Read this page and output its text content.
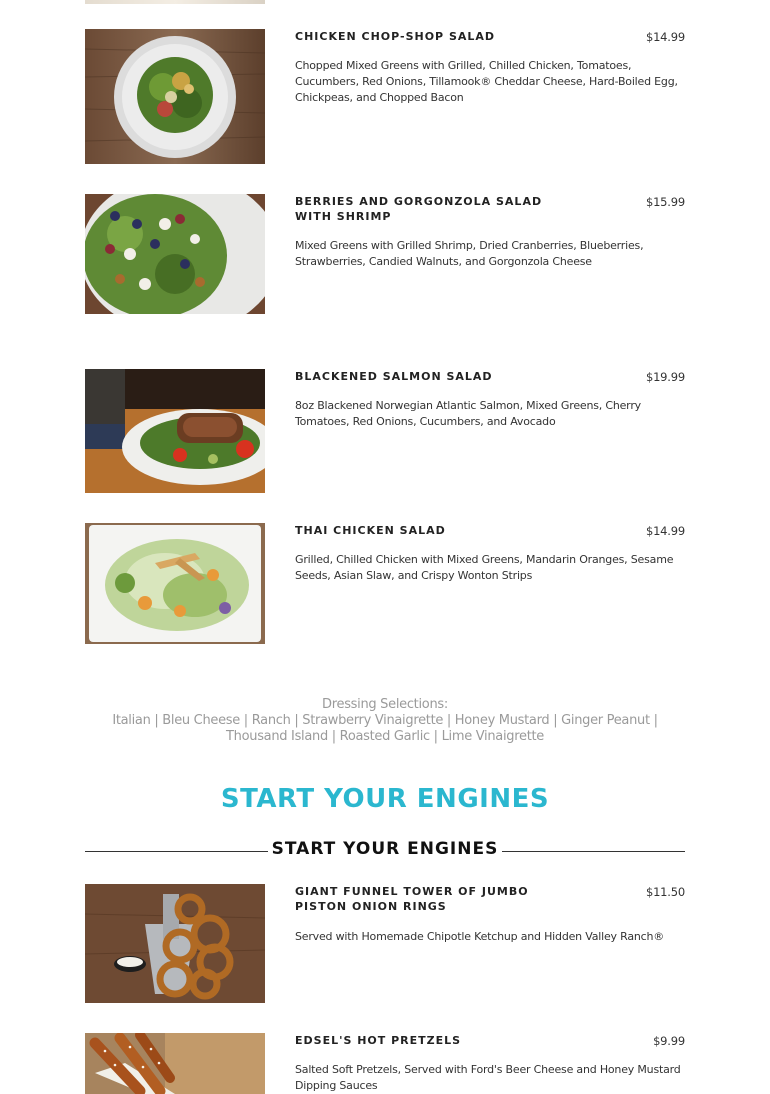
CHICKEN CHOP-SHOP SALAD	$14.99
Chopped Mixed Greens with Grilled, Chilled Chicken, Tomatoes, Cucumbers, Red Onions, Tillamook® Cheddar Cheese, Hard-Boiled Egg, Chickpeas, and Chopped Bacon
BERRIES AND GORGONZOLA SALAD WITH SHRIMP
$15.99
Mixed Greens with Grilled Shrimp, Dried Cranberries, Blueberries, Strawberries, Candied Walnuts, and Gorgonzola Cheese
BLACKENED SALMON SALAD	$19.99
8oz Blackened Norwegian Atlantic Salmon, Mixed Greens, Cherry Tomatoes, Red Onions, Cucumbers, and Avocado
THAI CHICKEN SALAD	$14.99
Grilled, Chilled Chicken with Mixed Greens, Mandarin Oranges, Sesame Seeds, Asian Slaw, and Crispy Wonton Strips
Dressing Selections:
Italian | Bleu Cheese | Ranch | Strawberry Vinaigrette | Honey Mustard | Ginger Peanut |
Thousand Island | Roasted Garlic | Lime Vinaigrette
START YOUR ENGINES
START YOUR ENGINES
GIANT FUNNEL TOWER OF JUMBO PISTON ONION RINGS
$11.50
Served with Homemade Chipotle Ketchup and Hidden Valley Ranch®
EDSEL'S HOT PRETZELS	$9.99
Salted Soft Pretzels, Served with Ford's Beer Cheese and Honey Mustard Dipping Sauces
